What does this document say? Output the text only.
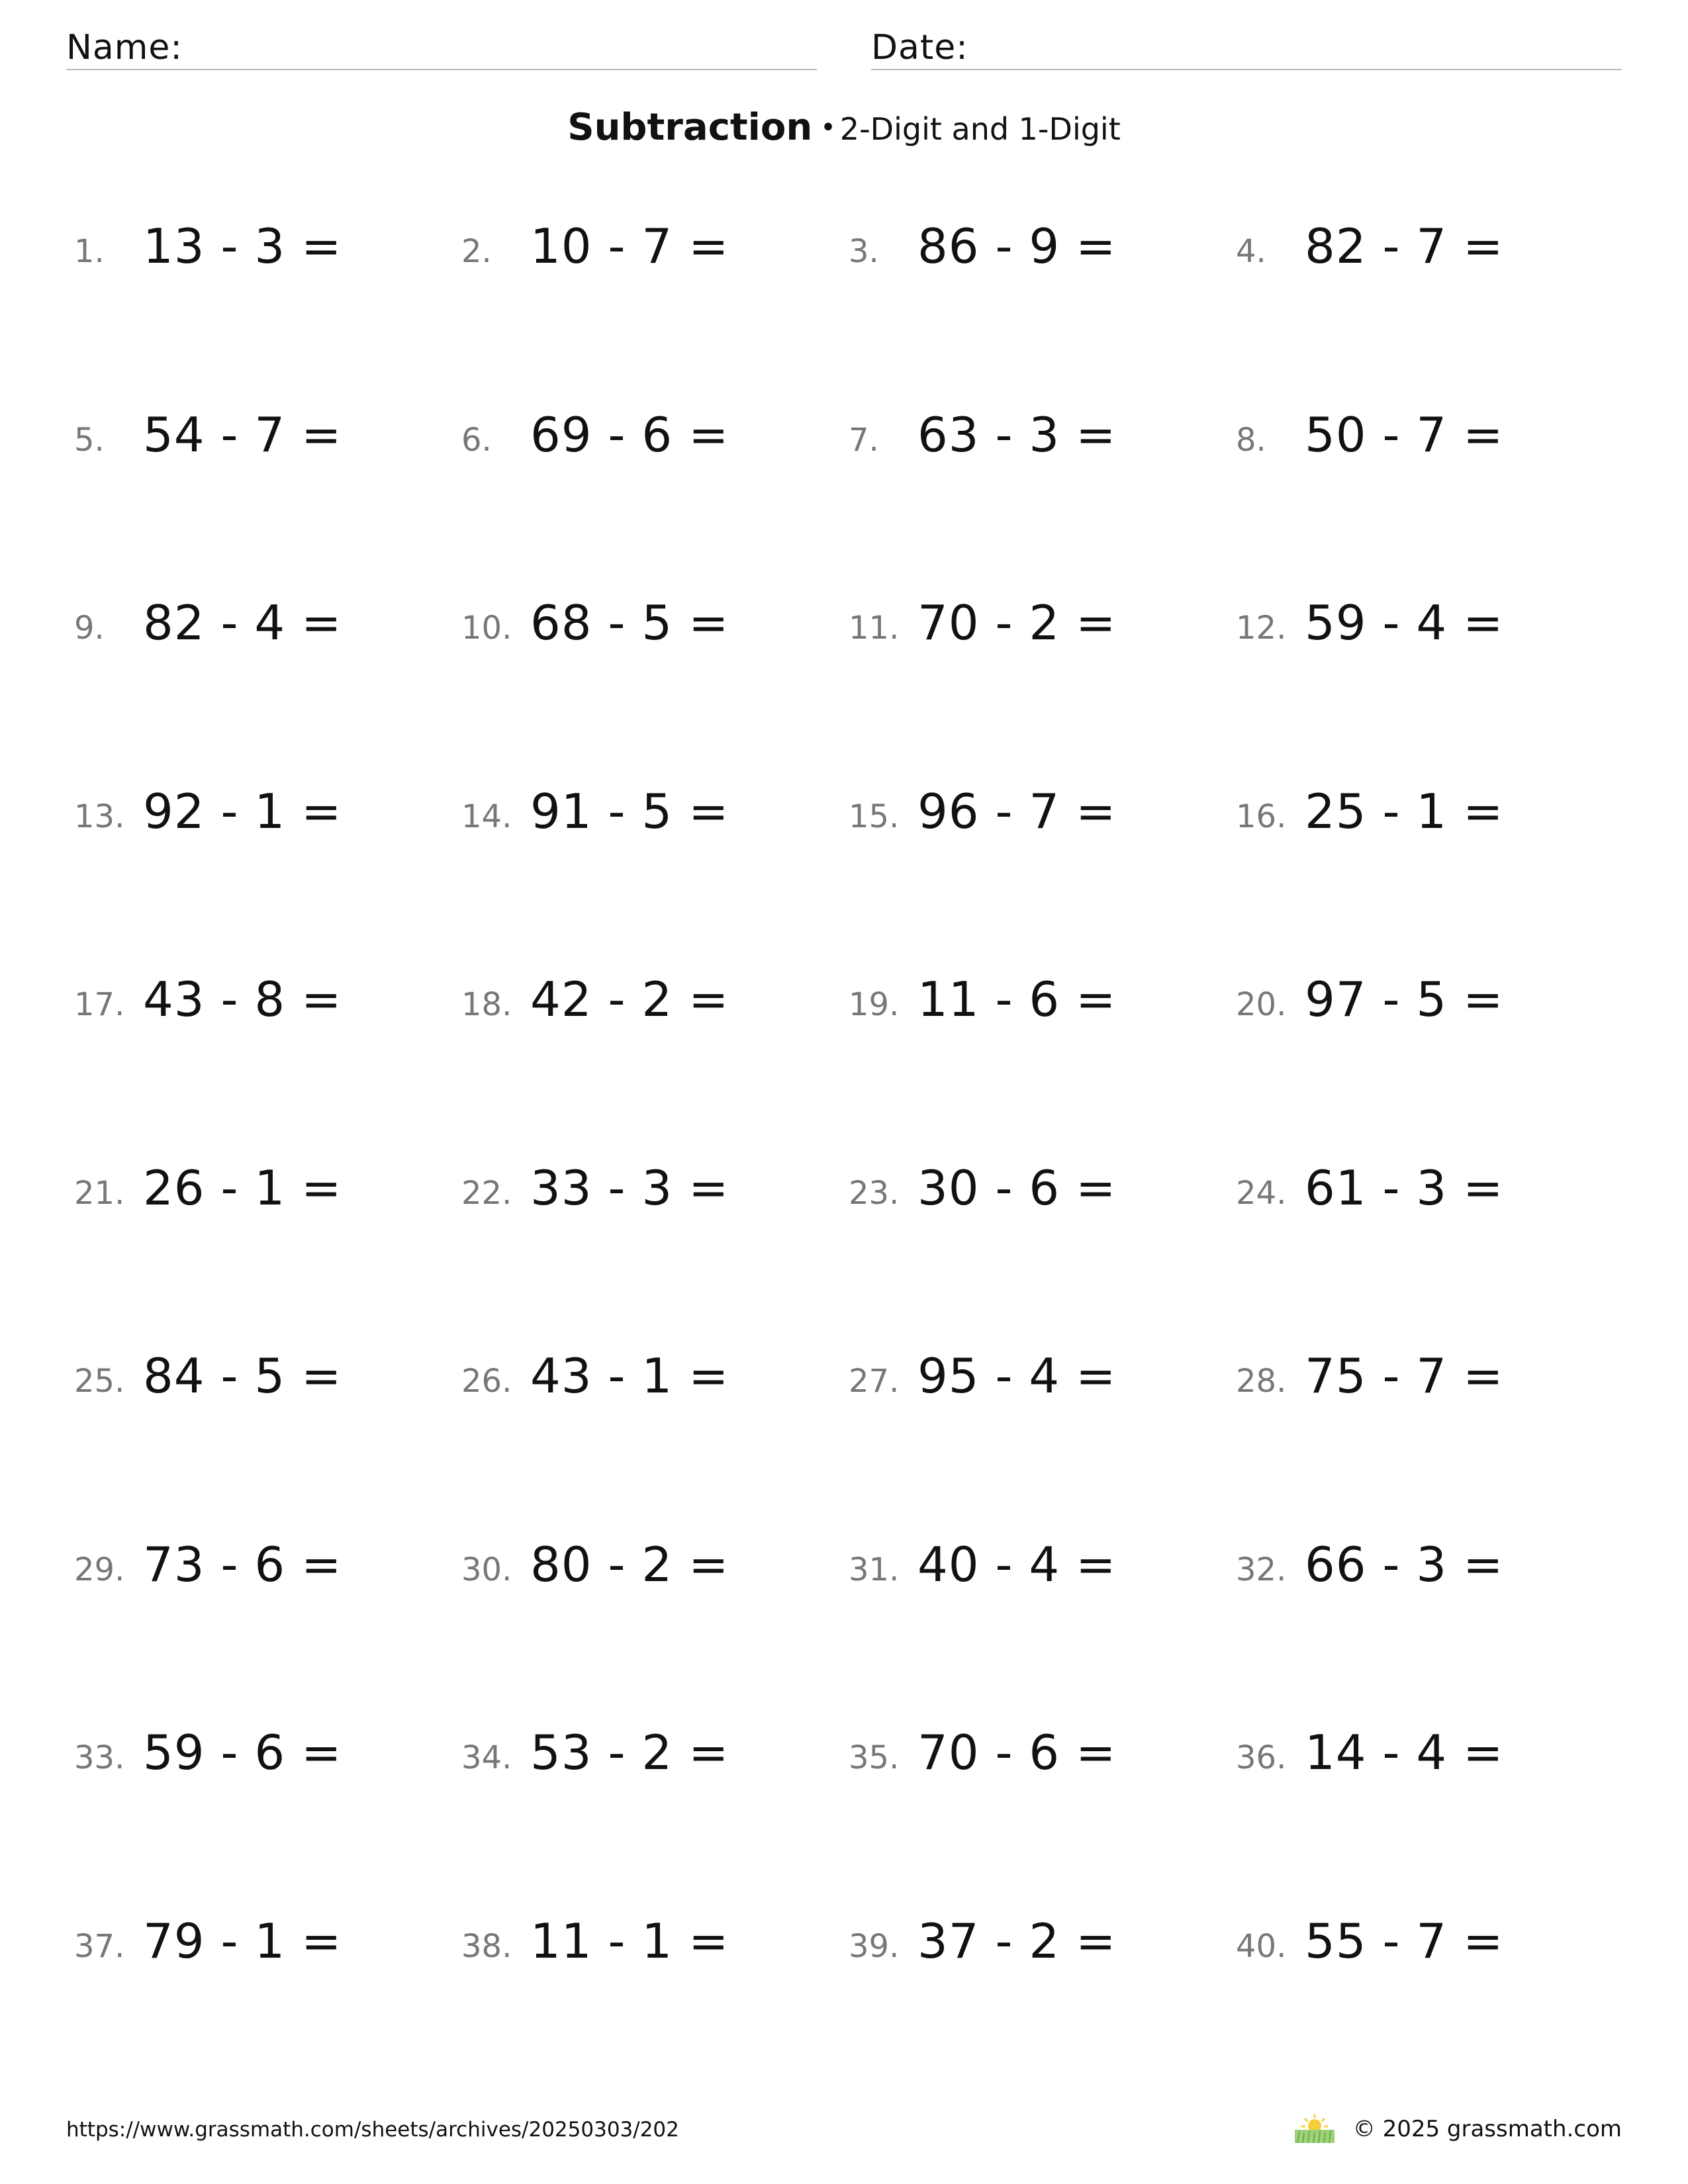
Name:	Date:
Subtraction • 2-Digit and 1-Digit
1. 13 - 3 =	2. 10 - 7 =	3. 86 - 9 =	4. 82 - 7 =
5. 54 - 7 =	6. 69 - 6 =	7. 63 - 3 =	8. 50 - 7 =
9. 82 - 4 =	10. 68 - 5 =	11. 70 - 2 =	12. 59 - 4 =
13. 92 - 1 =	14. 91 - 5 =	15. 96 - 7 =	16. 25 - 1 =
17. 43 - 8 =	18. 42 - 2 =	19. 11 - 6 =	20. 97 - 5 =
21. 26 - 1 =	22. 33 - 3 =	23. 30 - 6 =	24. 61 - 3 =
25. 84 - 5 =	26. 43 - 1 =	27. 95 - 4 =	28. 75 - 7 =
29. 73 - 6 =	30. 80 - 2 =	31. 40 - 4 =	32. 66 - 3 =
33. 59 - 6 =	34. 53 - 2 =	35. 70 - 6 =	36. 14 - 4 =
37. 79 - 1 =	38. 11 - 1 =	39. 37 - 2 =	40. 55 - 7 =
https://www.grassmath.com/sheets/archives/20250303/202	© 2025 grassmath.com
